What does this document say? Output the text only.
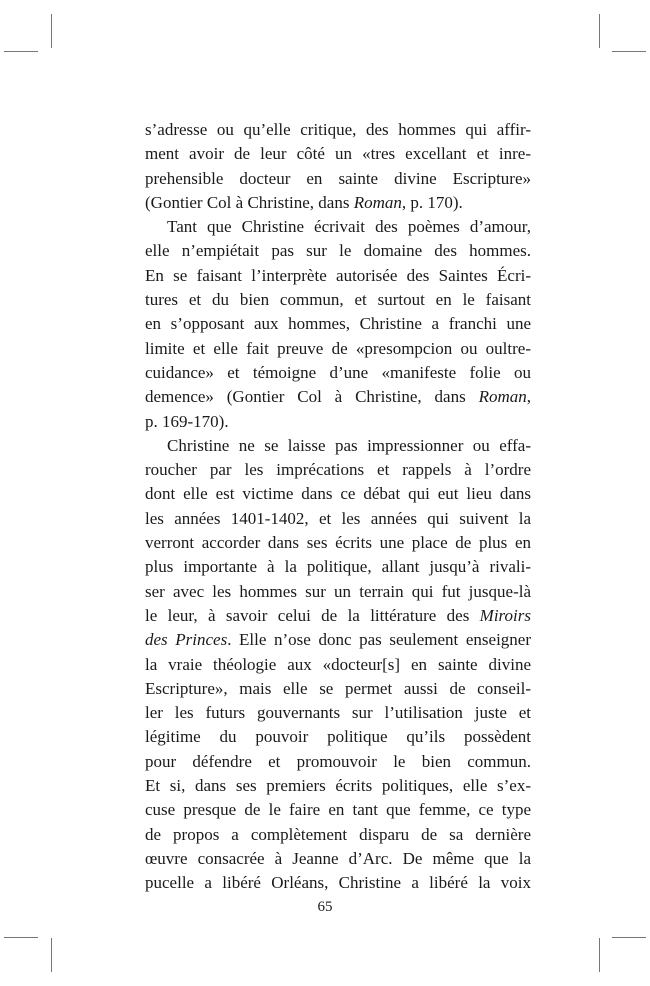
s’adresse ou qu’elle critique, des hommes qui affir-
ment avoir de leur côté un «tres excellant et inre-
prehensible docteur en sainte divine Escripture»
(Gontier Col à Christine, dans Roman, p. 170).

Tant que Christine écrivait des poèmes d’amour,
elle n’empiétait pas sur le domaine des hommes.
En se faisant l’interprète autorisée des Saintes Écri-
tures et du bien commun, et surtout en le faisant
en s’opposant aux hommes, Christine a franchi une
limite et elle fait preuve de «presompcion ou oultre-
cuidance» et témoigne d’une «manifeste folie ou
demence» (Gontier Col à Christine, dans Roman,
p. 169-170).

Christine ne se laisse pas impressionner ou effa-
roucher par les imprécations et rappels à l’ordre
dont elle est victime dans ce débat qui eut lieu dans
les années 1401-1402, et les années qui suivent la
verront accorder dans ses écrits une place de plus en
plus importante à la politique, allant jusqu’à rivali-
ser avec les hommes sur un terrain qui fut jusque-là
le leur, à savoir celui de la littérature des Miroirs
des Princes. Elle n’ose donc pas seulement enseigner
la vraie théologie aux «docteur[s] en sainte divine
Escripture», mais elle se permet aussi de conseil-
ler les futurs gouvernants sur l’utilisation juste et
légitime du pouvoir politique qu’ils possèdent
pour défendre et promouvoir le bien commun.
Et si, dans ses premiers écrits politiques, elle s’ex-
cuse presque de le faire en tant que femme, ce type
de propos a complètement disparu de sa dernière
œuvre consacrée à Jeanne d’Arc. De même que la
pucelle a libéré Orléans, Christine a libéré la voix

65
